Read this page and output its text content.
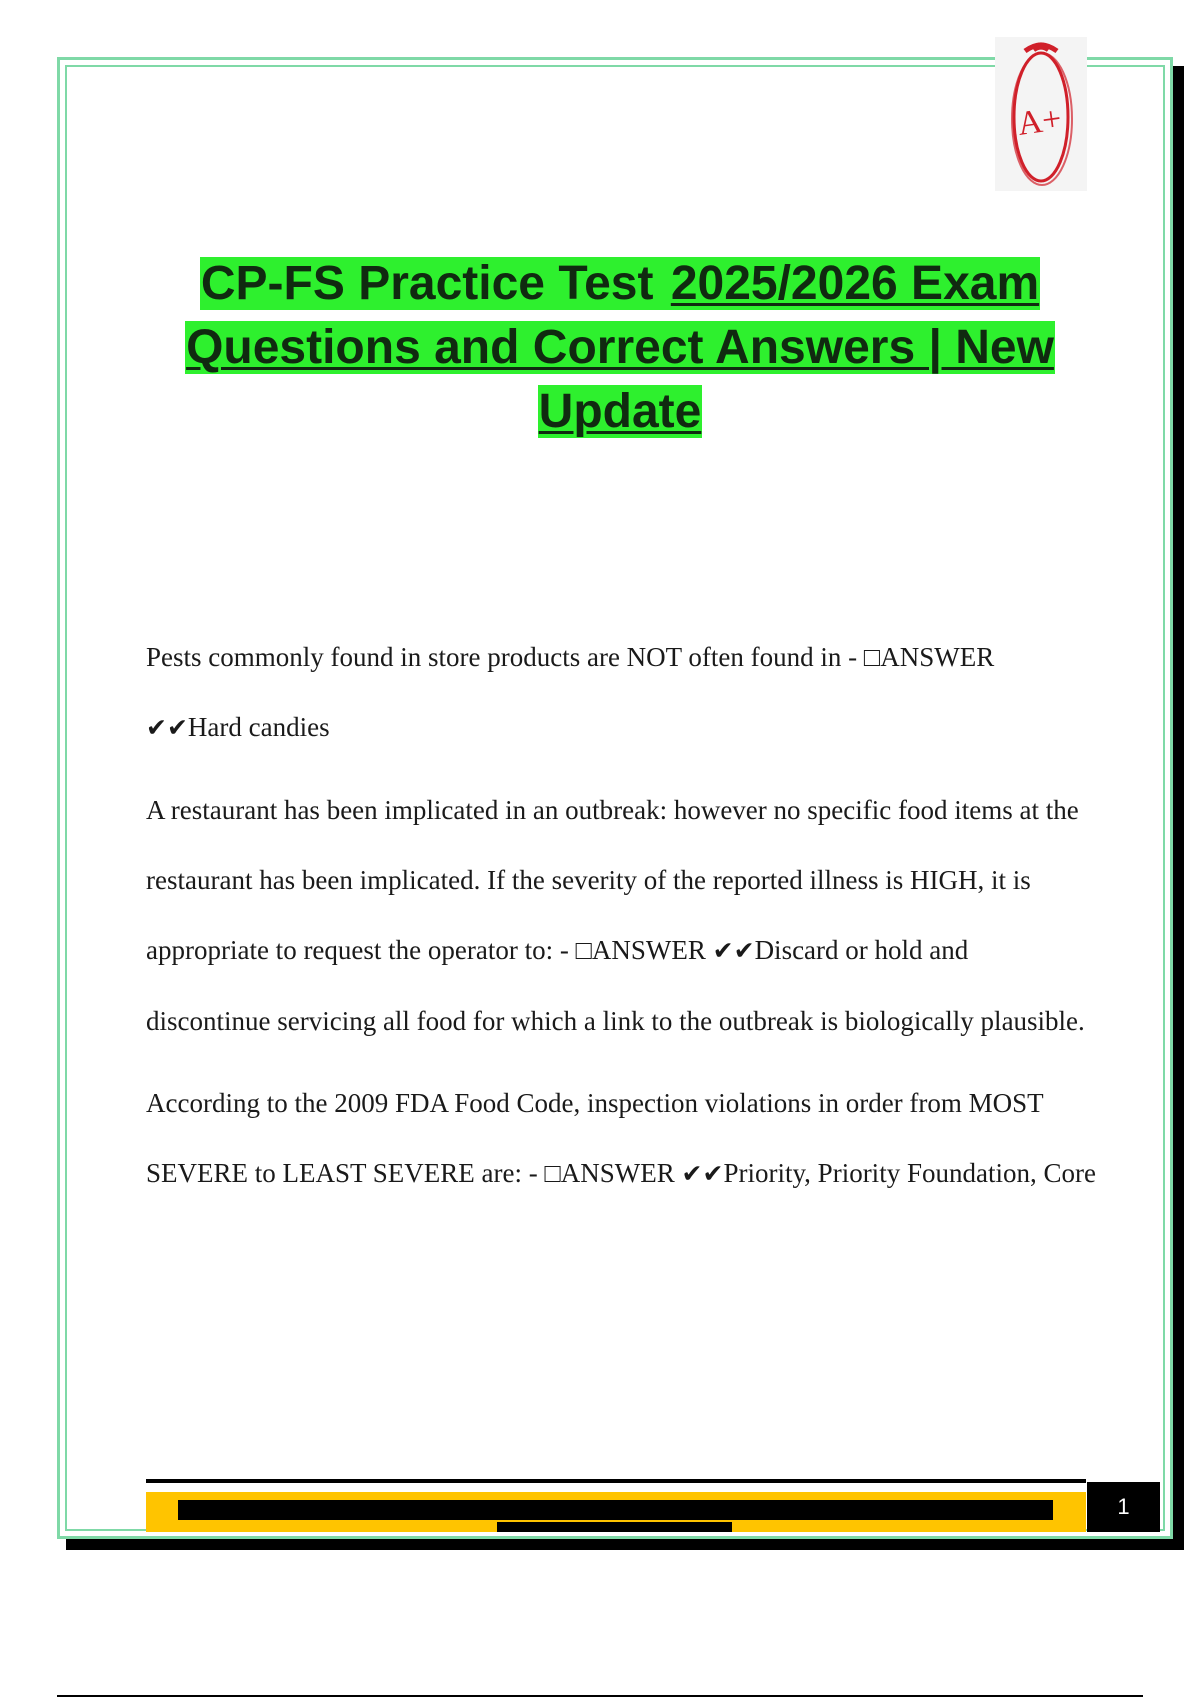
A+
CP-FS Practice Test 2025/2026 Exam Questions and Correct Answers | New Update

Pests commonly found in store products are NOT often found in - □ANSWER ✔✔Hard candies

A restaurant has been implicated in an outbreak: however no specific food items at the restaurant has been implicated. If the severity of the reported illness is HIGH, it is appropriate to request the operator to: - □ANSWER ✔✔Discard or hold and discontinue servicing all food for which a link to the outbreak is biologically plausible.

According to the 2009 FDA Food Code, inspection violations in order from MOST SEVERE to LEAST SEVERE are: - □ANSWER ✔✔Priority, Priority Foundation, Core

1
